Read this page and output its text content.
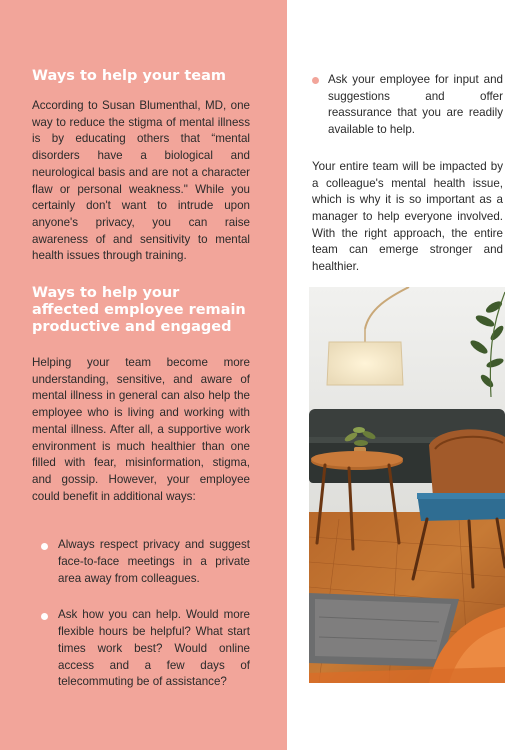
Ways to help your team

According to Susan Blumenthal, MD, one way to reduce the stigma of mental illness is by educating others that “mental disorders have a biological and neurological basis and are not a character flaw or personal weakness." While you certainly don't want to intrude upon anyone's privacy, you can raise awareness of and sensitivity to mental health issues through training.

Ways to help your affected employee remain productive and engaged

Helping your team become more understanding, sensitive, and aware of mental illness in general can also help the employee who is living and working with mental illness. After all, a supportive work environment is much healthier than one filled with fear, misinformation, stigma, and gossip. However, your employee could benefit in additional ways:

Always respect privacy and suggest face-to-face meetings in a private area away from colleagues.

Ask how you can help. Would more flexible hours be helpful? What start times work best? Would online access and a few days of telecommuting be of assistance?

Ask your employee for input and suggestions and offer reassurance that you are readily available to help.

Your entire team will be impacted by a colleague's mental health issue, which is why it is so important as a manager to help everyone involved. With the right approach, the entire team can emerge stronger and healthier.
